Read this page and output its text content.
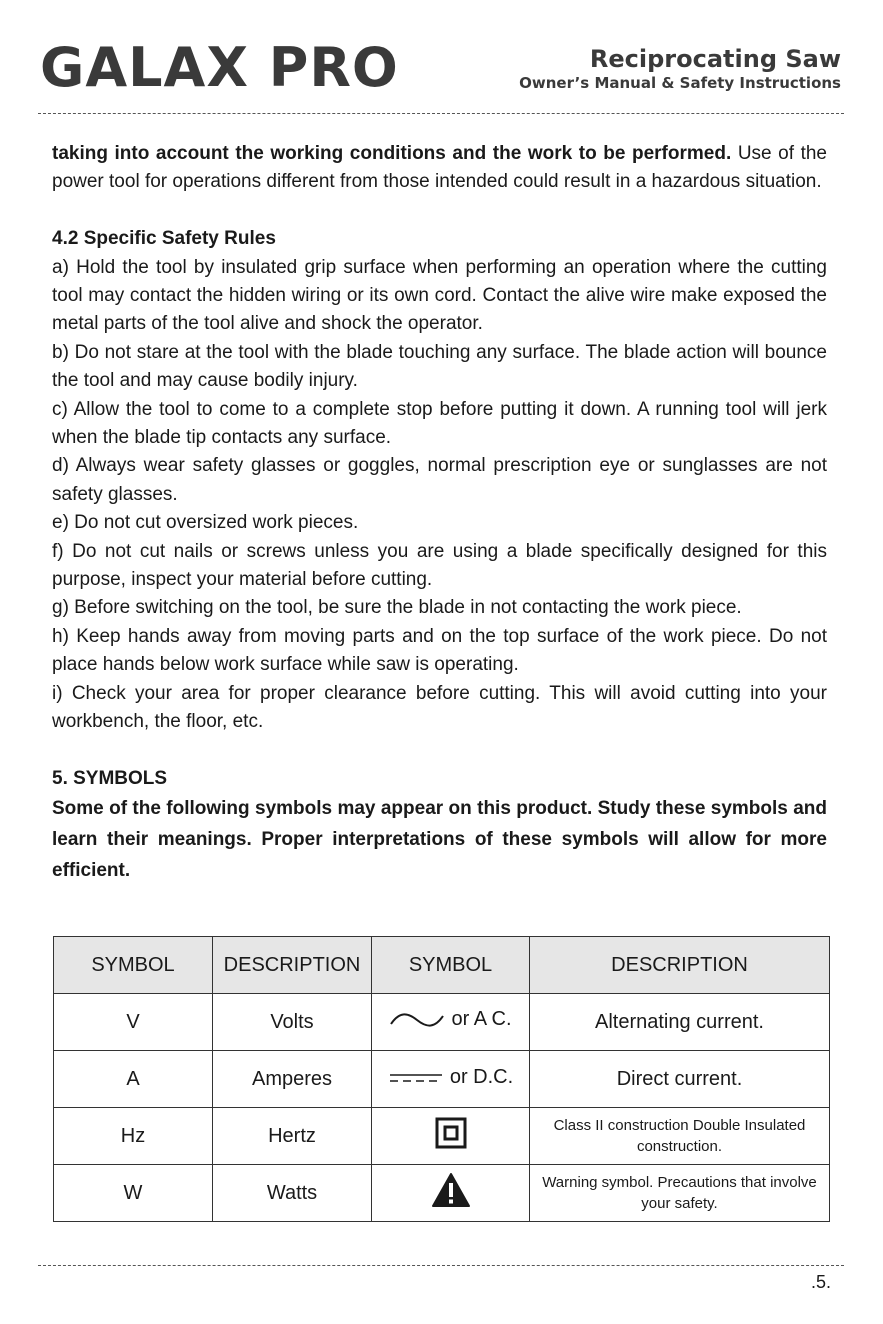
GALAX PRO	Reciprocating Saw
Owner’s Manual & Safety Instructions

taking into account the working conditions and the work to be performed. Use of the power tool for operations different from those intended could result in a hazardous situation.

4.2 Specific Safety Rules

a) Hold the tool by insulated grip surface when performing an operation where the cutting tool may contact the hidden wiring or its own cord. Contact the alive wire make exposed the metal parts of the tool alive and shock the operator.

b) Do not stare at the tool with the blade touching any surface. The blade action will bounce the tool and may cause bodily injury.

c) Allow the tool to come to a complete stop before putting it down. A running tool will jerk when the blade tip contacts any surface.

d) Always wear safety glasses or goggles, normal prescription eye or sunglasses are not safety glasses.

e) Do not cut oversized work pieces.

f) Do not cut nails or screws unless you are using a blade specifically designed for this purpose, inspect your material before cutting.

g) Before switching on the tool, be sure the blade in not contacting the work piece.

h) Keep hands away from moving parts and on the top surface of the work piece. Do not place hands below work surface while saw is operating.

i) Check your area for proper clearance before cutting. This will avoid cutting into your workbench, the floor, etc.

5. SYMBOLS

Some of the following symbols may appear on this product. Study these symbols and learn their meanings. Proper interpretations of these symbols will allow for more efficient.

SYMBOL	DESCRIPTION	SYMBOL	DESCRIPTION
V	Volts	or A C.	Alternating current.
A	Amperes	or D.C.	Direct current.
Hz	Hertz		Class II construction Double Insulated construction.
W	Watts		Warning symbol. Precautions that involve your safety.
.5.
